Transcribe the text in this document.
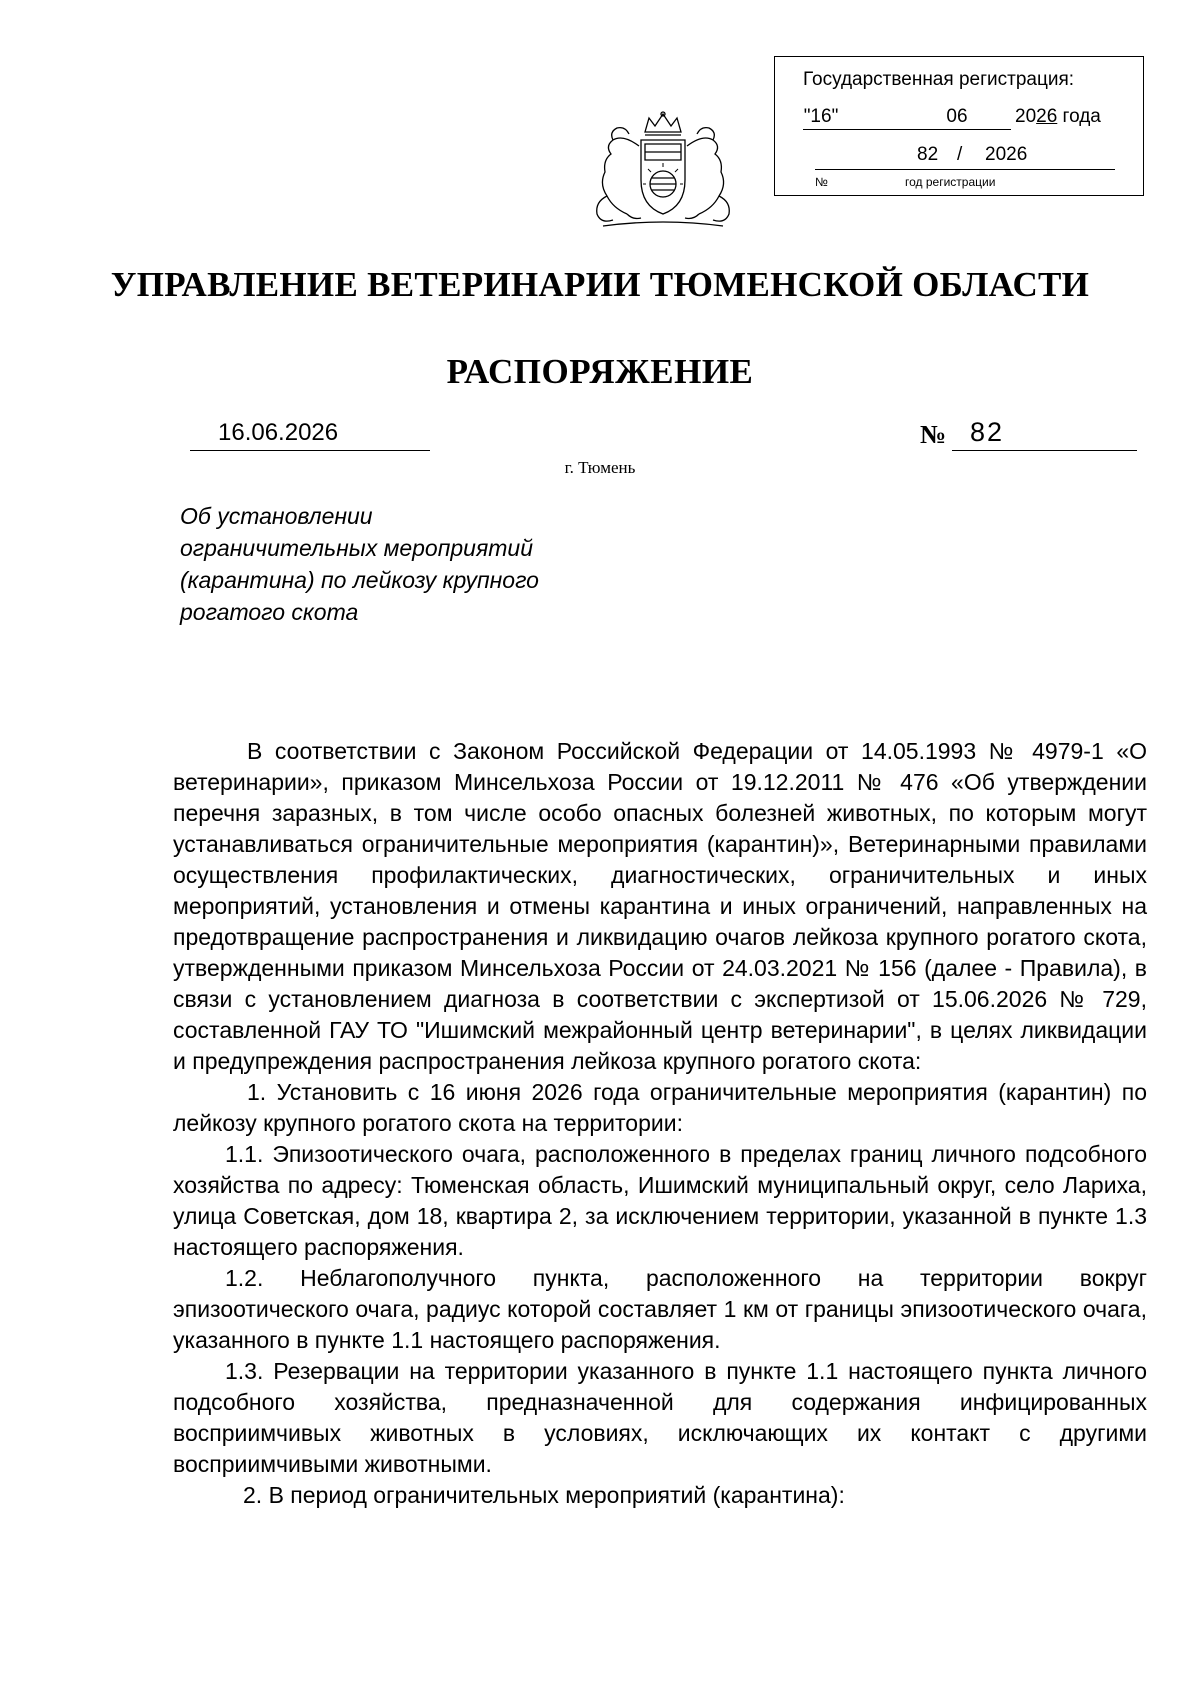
Государственная регистрация:
"16"	06	2026 года
82 / 2026
№	год регистрации
УПРАВЛЕНИЕ ВЕТЕРИНАРИИ ТЮМЕНСКОЙ ОБЛАСТИ
РАСПОРЯЖЕНИЕ
16.06.2026	№ 82
г. Тюмень
Об установлении
ограничительных мероприятий
(карантина) по лейкозу крупного
рогатого скота

В соответствии с Законом Российской Федерации от 14.05.1993 № 4979-1 «О ветеринарии», приказом Минсельхоза России от 19.12.2011 № 476 «Об утверждении перечня заразных, в том числе особо опасных болезней животных, по которым могут устанавливаться ограничительные мероприятия (карантин)», Ветеринарными правилами осуществления профилактических, диагностических, ограничительных и иных мероприятий, установления и отмены карантина и иных ограничений, направленных на предотвращение распространения и ликвидацию очагов лейкоза крупного рогатого скота, утвержденными приказом Минсельхоза России от 24.03.2021 № 156 (далее - Правила), в связи с установлением диагноза в соответствии с экспертизой от 15.06.2026 № 729, составленной ГАУ ТО "Ишимский межрайонный центр ветеринарии", в целях ликвидации и предупреждения распространения лейкоза крупного рогатого скота:

1. Установить с 16 июня 2026 года ограничительные мероприятия (карантин) по лейкозу крупного рогатого скота на территории:

1.1. Эпизоотического очага, расположенного в пределах границ личного подсобного хозяйства по адресу: Тюменская область, Ишимский муниципальный округ, село Лариха, улица Советская, дом 18, квартира 2, за исключением территории, указанной в пункте 1.3 настоящего распоряжения.

1.2. Неблагополучного пункта, расположенного на территории вокруг эпизоотического очага, радиус которой составляет 1 км от границы эпизоотического очага, указанного в пункте 1.1 настоящего распоряжения.

1.3. Резервации на территории указанного в пункте 1.1 настоящего пункта личного подсобного хозяйства, предназначенной для содержания инфицированных восприимчивых животных в условиях, исключающих их контакт с другими восприимчивыми животными.

2. В период ограничительных мероприятий (карантина):
